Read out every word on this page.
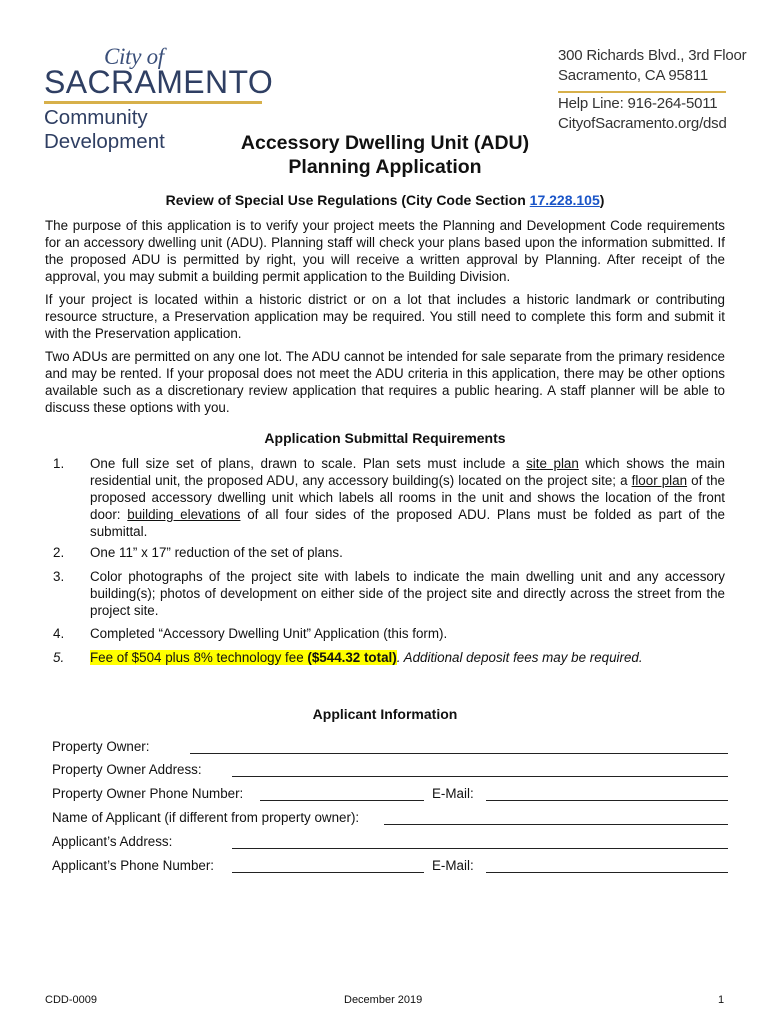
City of
SACRAMENTO
Community Development
300 Richards Blvd., 3rd Floor
Sacramento, CA 95811
Help Line: 916-264-5011
CityofSacramento.org/dsd
Accessory Dwelling Unit (ADU)
Planning Application
Review of Special Use Regulations (City Code Section 17.228.105)
The purpose of this application is to verify your project meets the Planning and Development Code requirements for an accessory dwelling unit (ADU). Planning staff will check your plans based upon the information submitted. If the proposed ADU is permitted by right, you will receive a written approval by Planning. After receipt of the approval, you may submit a building permit application to the Building Division.
If your project is located within a historic district or on a lot that includes a historic landmark or contributing resource structure, a Preservation application may be required. You still need to complete this form and submit it with the Preservation application.
Two ADUs are permitted on any one lot. The ADU cannot be intended for sale separate from the primary residence and may be rented. If your proposal does not meet the ADU criteria in this application, there may be other options available such as a discretionary review application that requires a public hearing. A staff planner will be able to discuss these options with you.
Application Submittal Requirements
1. One full size set of plans, drawn to scale. Plan sets must include a site plan which shows the main residential unit, the proposed ADU, any accessory building(s) located on the project site; a floor plan of the proposed accessory dwelling unit which labels all rooms in the unit and shows the location of the front door: building elevations of all four sides of the proposed ADU. Plans must be folded as part of the submittal.
2. One 11” x 17” reduction of the set of plans.
3. Color photographs of the project site with labels to indicate the main dwelling unit and any accessory building(s); photos of development on either side of the project site and directly across the street from the project site.
4. Completed “Accessory Dwelling Unit” Application (this form).
5. Fee of $504 plus 8% technology fee ($544.32 total). Additional deposit fees may be required.
Applicant Information
Property Owner:
Property Owner Address:
Property Owner Phone Number:	E-Mail:
Name of Applicant (if different from property owner):
Applicant’s Address:
Applicant’s Phone Number:	E-Mail:
CDD-0009	December 2019	1
